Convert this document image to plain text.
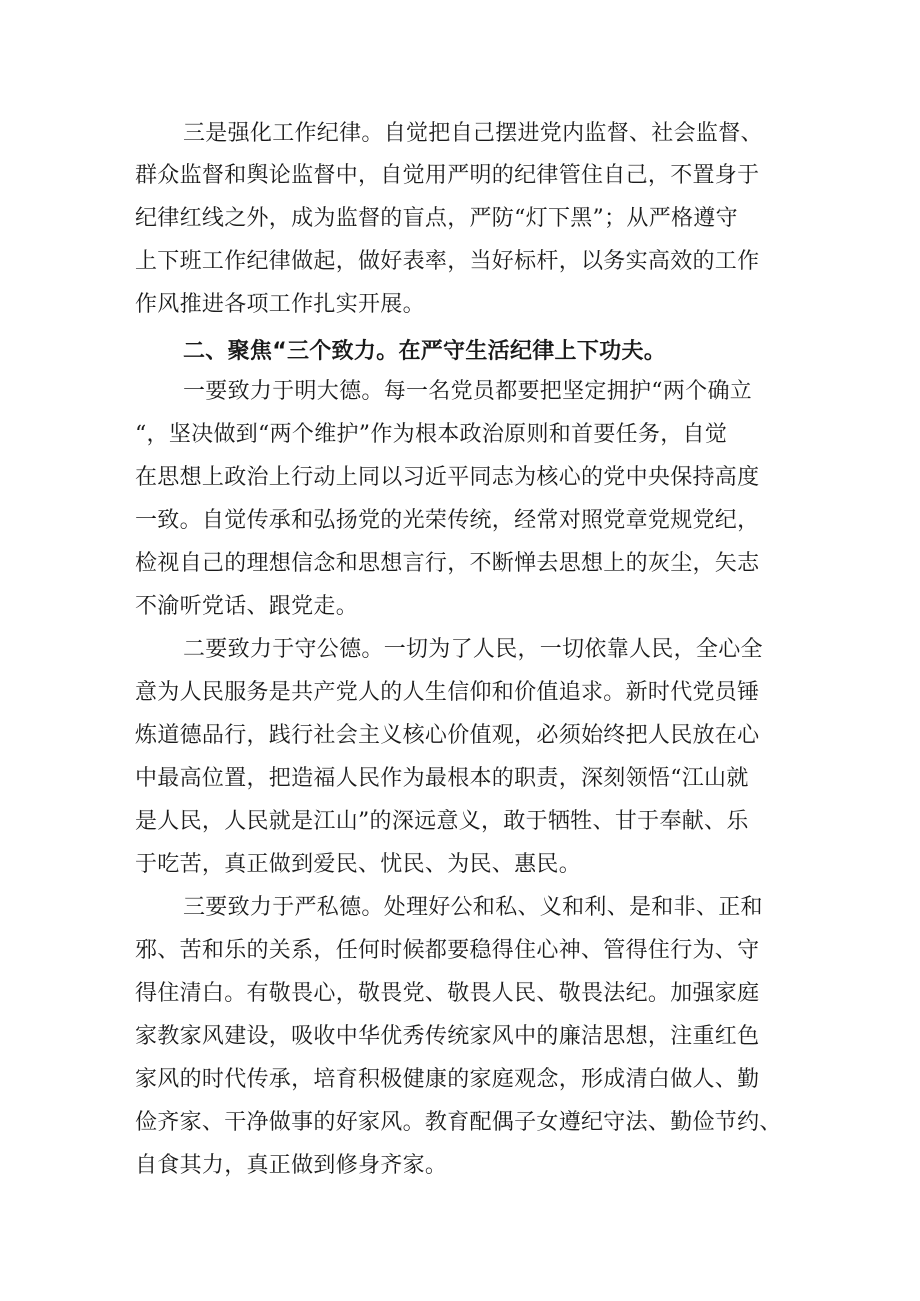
三是强化工作纪律。自觉把自己摆进党内监督、社会监督、
群众监督和舆论监督中，自觉用严明的纪律管住自己，不置身于
纪律红线之外，成为监督的盲点，严防“灯下黑”；从严格遵守
上下班工作纪律做起，做好表率，当好标杆，以务实高效的工作
作风推进各项工作扎实开展。
二、聚焦“三个致力。在严守生活纪律上下功夫。
一要致力于明大德。每一名党员都要把坚定拥护“两个确立
“，坚决做到“两个维护”作为根本政治原则和首要任务，自觉
在思想上政治上行动上同以习近平同志为核心的党中央保持高度
一致。自觉传承和弘扬党的光荣传统，经常对照党章党规党纪，
检视自己的理想信念和思想言行，不断惮去思想上的灰尘，矢志
不渝听党话、跟党走。
二要致力于守公德。一切为了人民，一切依靠人民，全心全
意为人民服务是共产党人的人生信仰和价值追求。新时代党员锤
炼道德品行，践行社会主义核心价值观，必须始终把人民放在心
中最高位置，把造福人民作为最根本的职责，深刻领悟“江山就
是人民，人民就是江山”的深远意义，敢于牺牲、甘于奉献、乐
于吃苦，真正做到爱民、忧民、为民、惠民。
三要致力于严私德。处理好公和私、义和利、是和非、正和
邪、苦和乐的关系，任何时候都要稳得住心神、管得住行为、守
得住清白。有敬畏心，敬畏党、敬畏人民、敬畏法纪。加强家庭
家教家风建设，吸收中华优秀传统家风中的廉洁思想，注重红色
家风的时代传承，培育积极健康的家庭观念，形成清白做人、勤
俭齐家、干净做事的好家风。教育配偶子女遵纪守法、勤俭节约、
自食其力，真正做到修身齐家。
